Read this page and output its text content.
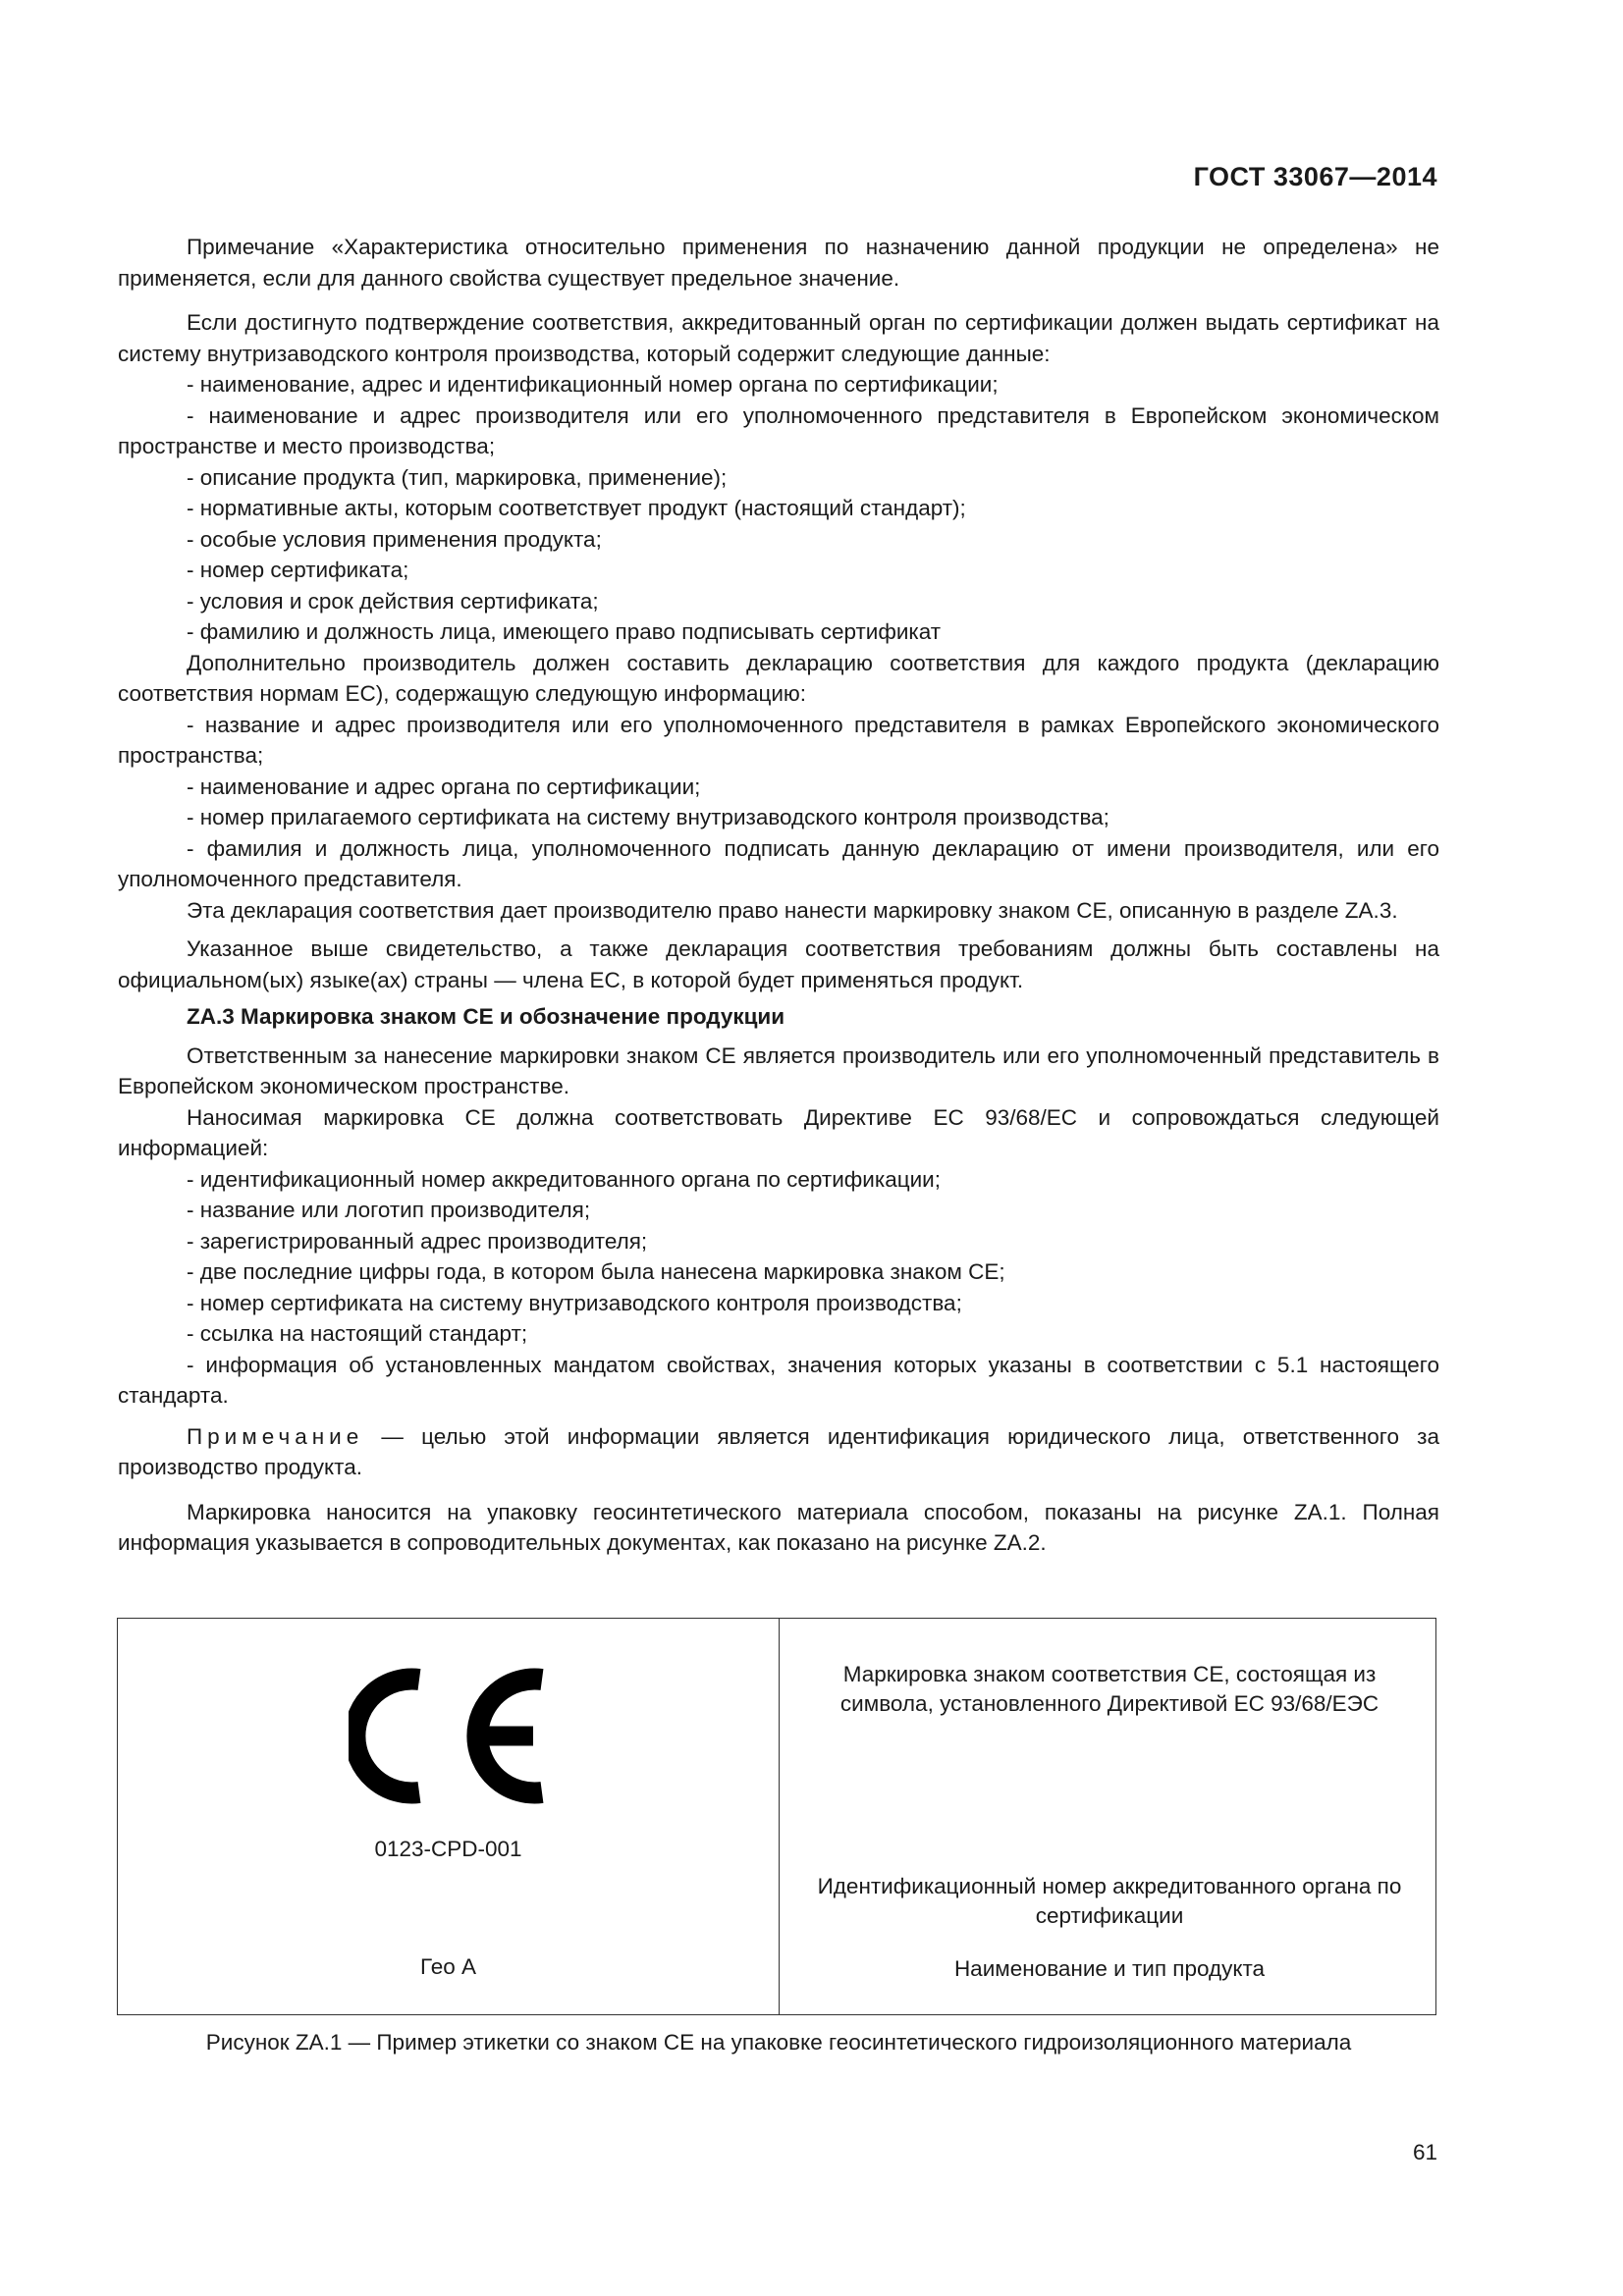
ГОСТ 33067—2014

Примечание «Характеристика относительно применения по назначению данной продукции не определена» не применяется, если для данного свойства существует предельное значение.

Если достигнуто подтверждение соответствия, аккредитованный орган по сертификации должен выдать сертификат на систему внутризаводского контроля производства, который содержит следующие данные:

- наименование, адрес и идентификационный номер органа по сертификации;

- наименование и адрес производителя или его уполномоченного представителя в Европейском экономическом пространстве и место производства;

- описание продукта (тип, маркировка, применение);

- нормативные акты, которым соответствует продукт (настоящий стандарт);

- особые условия применения продукта;

- номер сертификата;

- условия и срок действия сертификата;

- фамилию и должность лица, имеющего право подписывать сертификат

Дополнительно производитель должен составить декларацию соответствия для каждого продукта (декларацию соответствия нормам ЕС), содержащую следующую информацию:

- название и адрес производителя или его уполномоченного представителя в рамках Европейского экономического пространства;

- наименование и адрес органа по сертификации;

- номер прилагаемого сертификата на систему внутризаводского контроля производства;

- фамилия и должность лица, уполномоченного подписать данную декларацию от имени производителя, или его уполномоченного представителя.

Эта декларация соответствия дает производителю право нанести маркировку знаком СЕ, описанную в разделе ZA.3.

Указанное выше свидетельство, а также декларация соответствия требованиям должны быть составлены на официальном(ых) языке(ах) страны — члена ЕС, в которой будет применяться продукт.

ZA.3 Маркировка знаком СЕ и обозначение продукции

Ответственным за нанесение маркировки знаком СЕ является производитель или его уполномоченный представитель в Европейском экономическом пространстве.

Наносимая маркировка СЕ должна соответствовать Директиве ЕС 93/68/ЕС и сопровождаться следующей информацией:

- идентификационный номер аккредитованного органа по сертификации;

- название или логотип производителя;

- зарегистрированный адрес производителя;

- две последние цифры года, в котором была нанесена маркировка знаком СЕ;

- номер сертификата на систему внутризаводского контроля производства;

- ссылка на настоящий стандарт;

- информация об установленных мандатом свойствах, значения которых указаны в соответствии с 5.1 настоящего стандарта.

Примечание — целью этой информации является идентификация юридического лица, ответственного за производство продукта.

Маркировка наносится на упаковку геосинтетического материала способом, показаны на рисунке ZA.1. Полная информация указывается в сопроводительных документах, как показано на рисунке ZA.2.

0123-CPD-001
Гео А
Маркировка знаком соответствия СЕ, состоящая из символа, установленного Директивой ЕС 93/68/ЕЭС
Идентификационный номер аккредитованного органа по сертификации
Наименование и тип продукта
Рисунок ZA.1 — Пример этикетки со знаком СЕ на упаковке геосинтетического гидроизоляционного материала
61
